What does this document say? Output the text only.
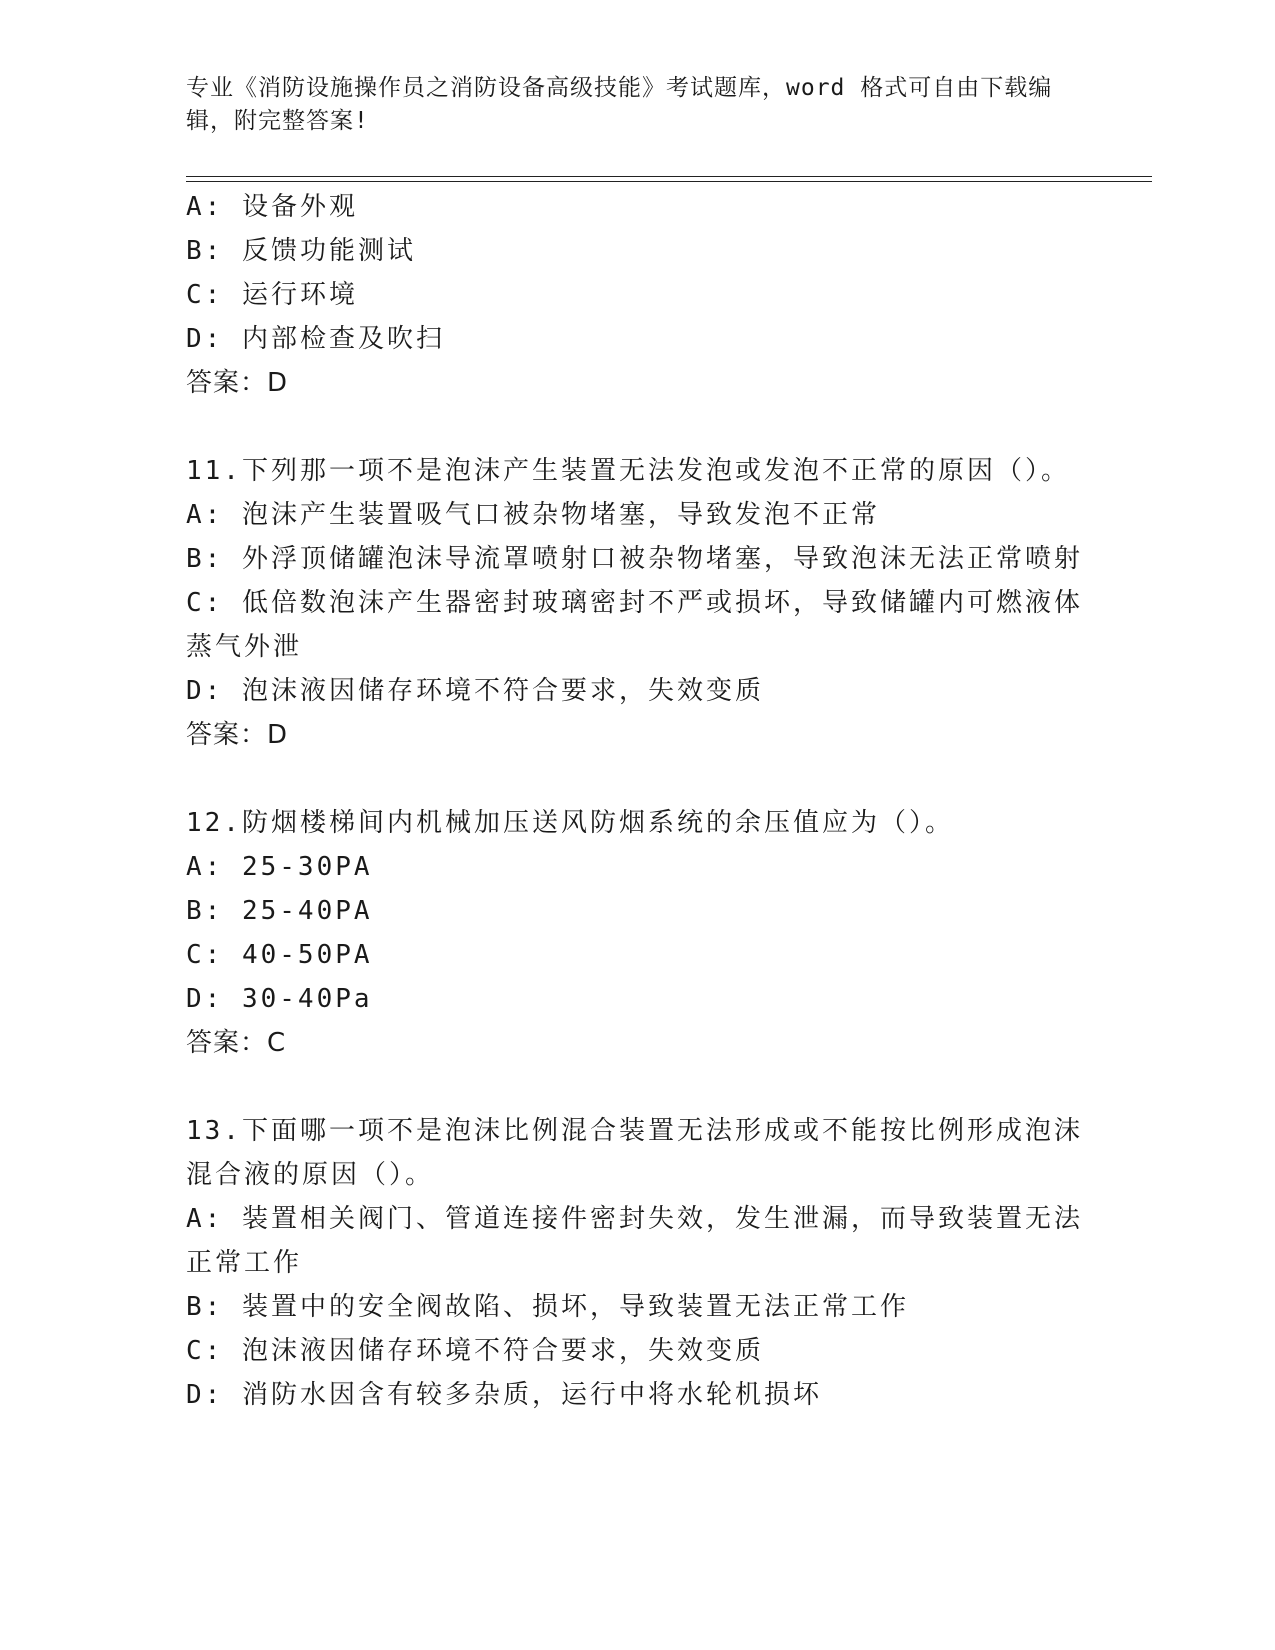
专业《消防设施操作员之消防设备高级技能》考试题库，word 格式可自由下载编
辑，附完整答案!
A: 设备外观
B: 反馈功能测试
C: 运行环境
D: 内部检查及吹扫
答案：D
11.下列那一项不是泡沫产生装置无法发泡或发泡不正常的原因（）。
A: 泡沫产生装置吸气口被杂物堵塞，导致发泡不正常
B: 外浮顶储罐泡沫导流罩喷射口被杂物堵塞，导致泡沫无法正常喷射
C: 低倍数泡沫产生器密封玻璃密封不严或损坏，导致储罐内可燃液体
蒸气外泄
D: 泡沫液因储存环境不符合要求，失效变质
答案：D
12.防烟楼梯间内机械加压送风防烟系统的余压值应为（）。
A: 25-30PA
B: 25-40PA
C: 40-50PA
D: 30-40Pa
答案：C
13.下面哪一项不是泡沫比例混合装置无法形成或不能按比例形成泡沫
混合液的原因（）。
A: 装置相关阀门、管道连接件密封失效，发生泄漏，而导致装置无法
正常工作
B: 装置中的安全阀故陷、损坏，导致装置无法正常工作
C: 泡沫液因储存环境不符合要求，失效变质
D: 消防水因含有较多杂质，运行中将水轮机损坏
